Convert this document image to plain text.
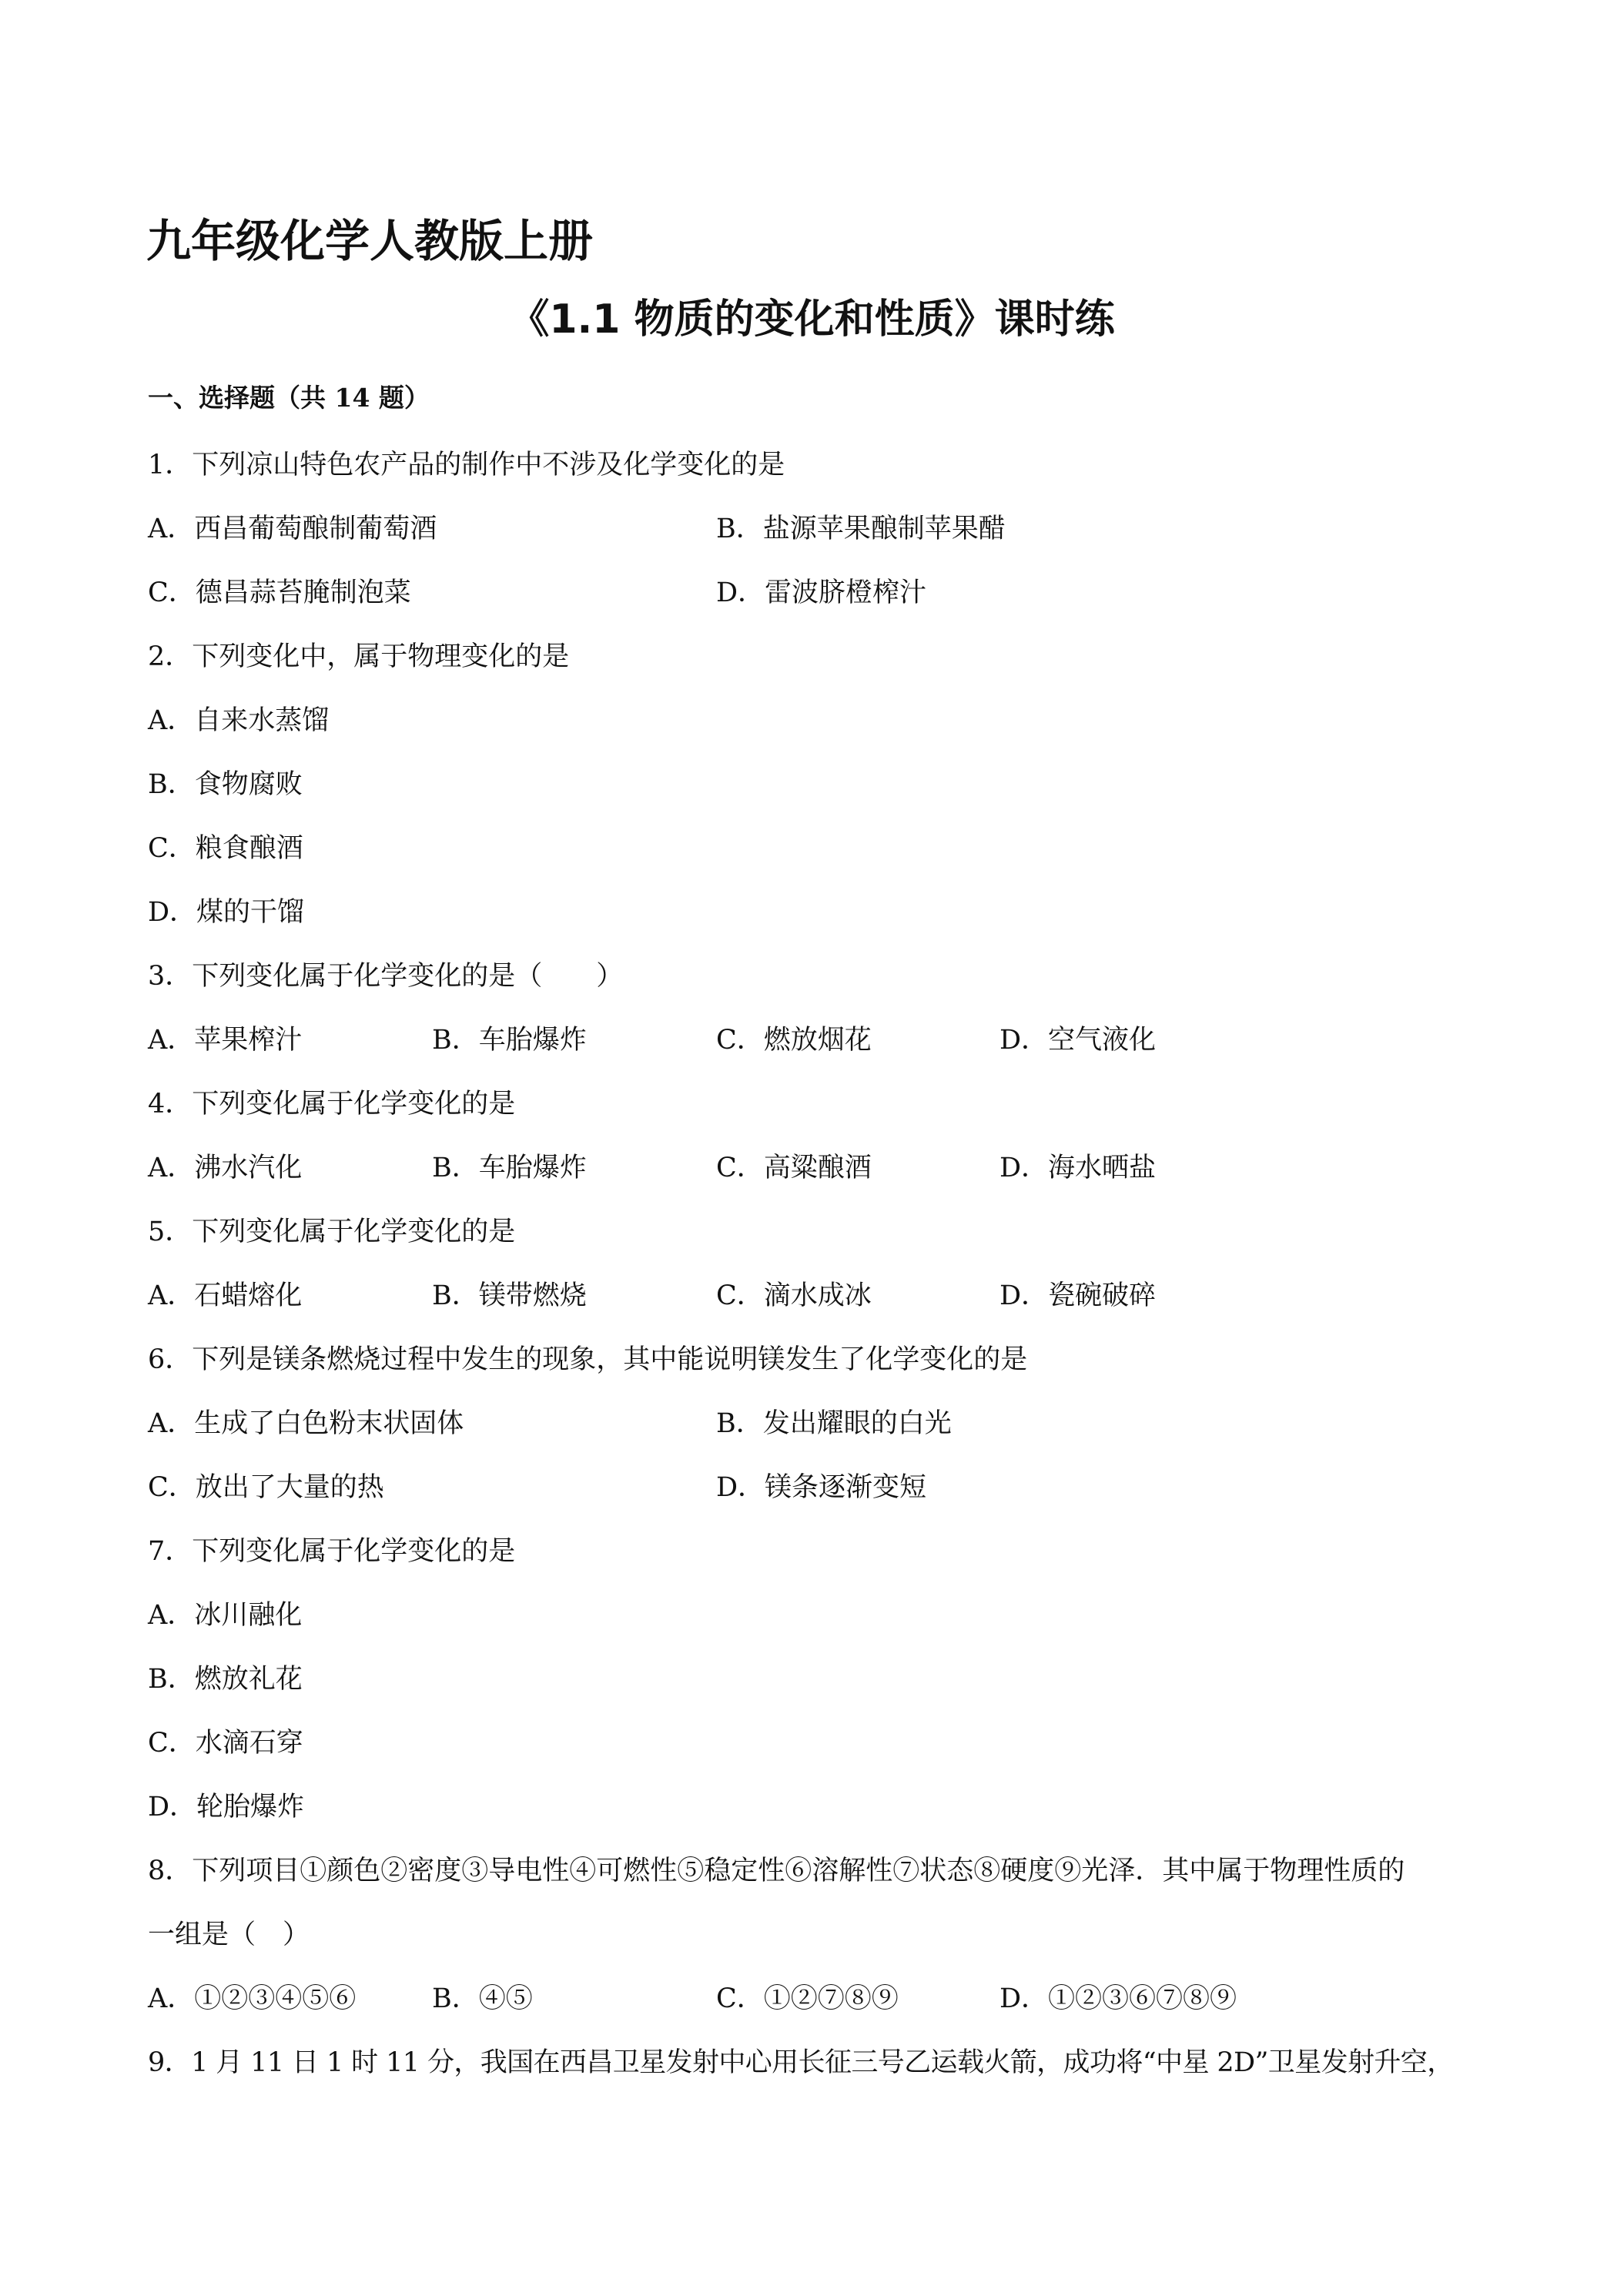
九年级化学人教版上册
《1.1 物质的变化和性质》课时练
一、选择题（共 14 题）
1．下列凉山特色农产品的制作中不涉及化学变化的是
A．西昌葡萄酿制葡萄酒	B．盐源苹果酿制苹果醋
C．德昌蒜苔腌制泡菜	D．雷波脐橙榨汁
2．下列变化中，属于物理变化的是
A．自来水蒸馏
B．食物腐败
C．粮食酿酒
D．煤的干馏
3．下列变化属于化学变化的是（　　）
A．苹果榨汁	B．车胎爆炸	C．燃放烟花	D．空气液化
4．下列变化属于化学变化的是
A．沸水汽化	B．车胎爆炸	C．高粱酿酒	D．海水晒盐
5．下列变化属于化学变化的是
A．石蜡熔化	B．镁带燃烧	C．滴水成冰	D．瓷碗破碎
6．下列是镁条燃烧过程中发生的现象，其中能说明镁发生了化学变化的是
A．生成了白色粉末状固体	B．发出耀眼的白光
C．放出了大量的热	D．镁条逐渐变短
7．下列变化属于化学变化的是
A．冰川融化
B．燃放礼花
C．水滴石穿
D．轮胎爆炸
8．下列项目①颜色②密度③导电性④可燃性⑤稳定性⑥溶解性⑦状态⑧硬度⑨光泽．其中属于物理性质的
一组是（　）
A．①②③④⑤⑥	B．④⑤	C．①②⑦⑧⑨	D．①②③⑥⑦⑧⑨
9．1 月 11 日 1 时 11 分，我国在西昌卫星发射中心用长征三号乙运载火箭，成功将“中星 2D”卫星发射升空，
